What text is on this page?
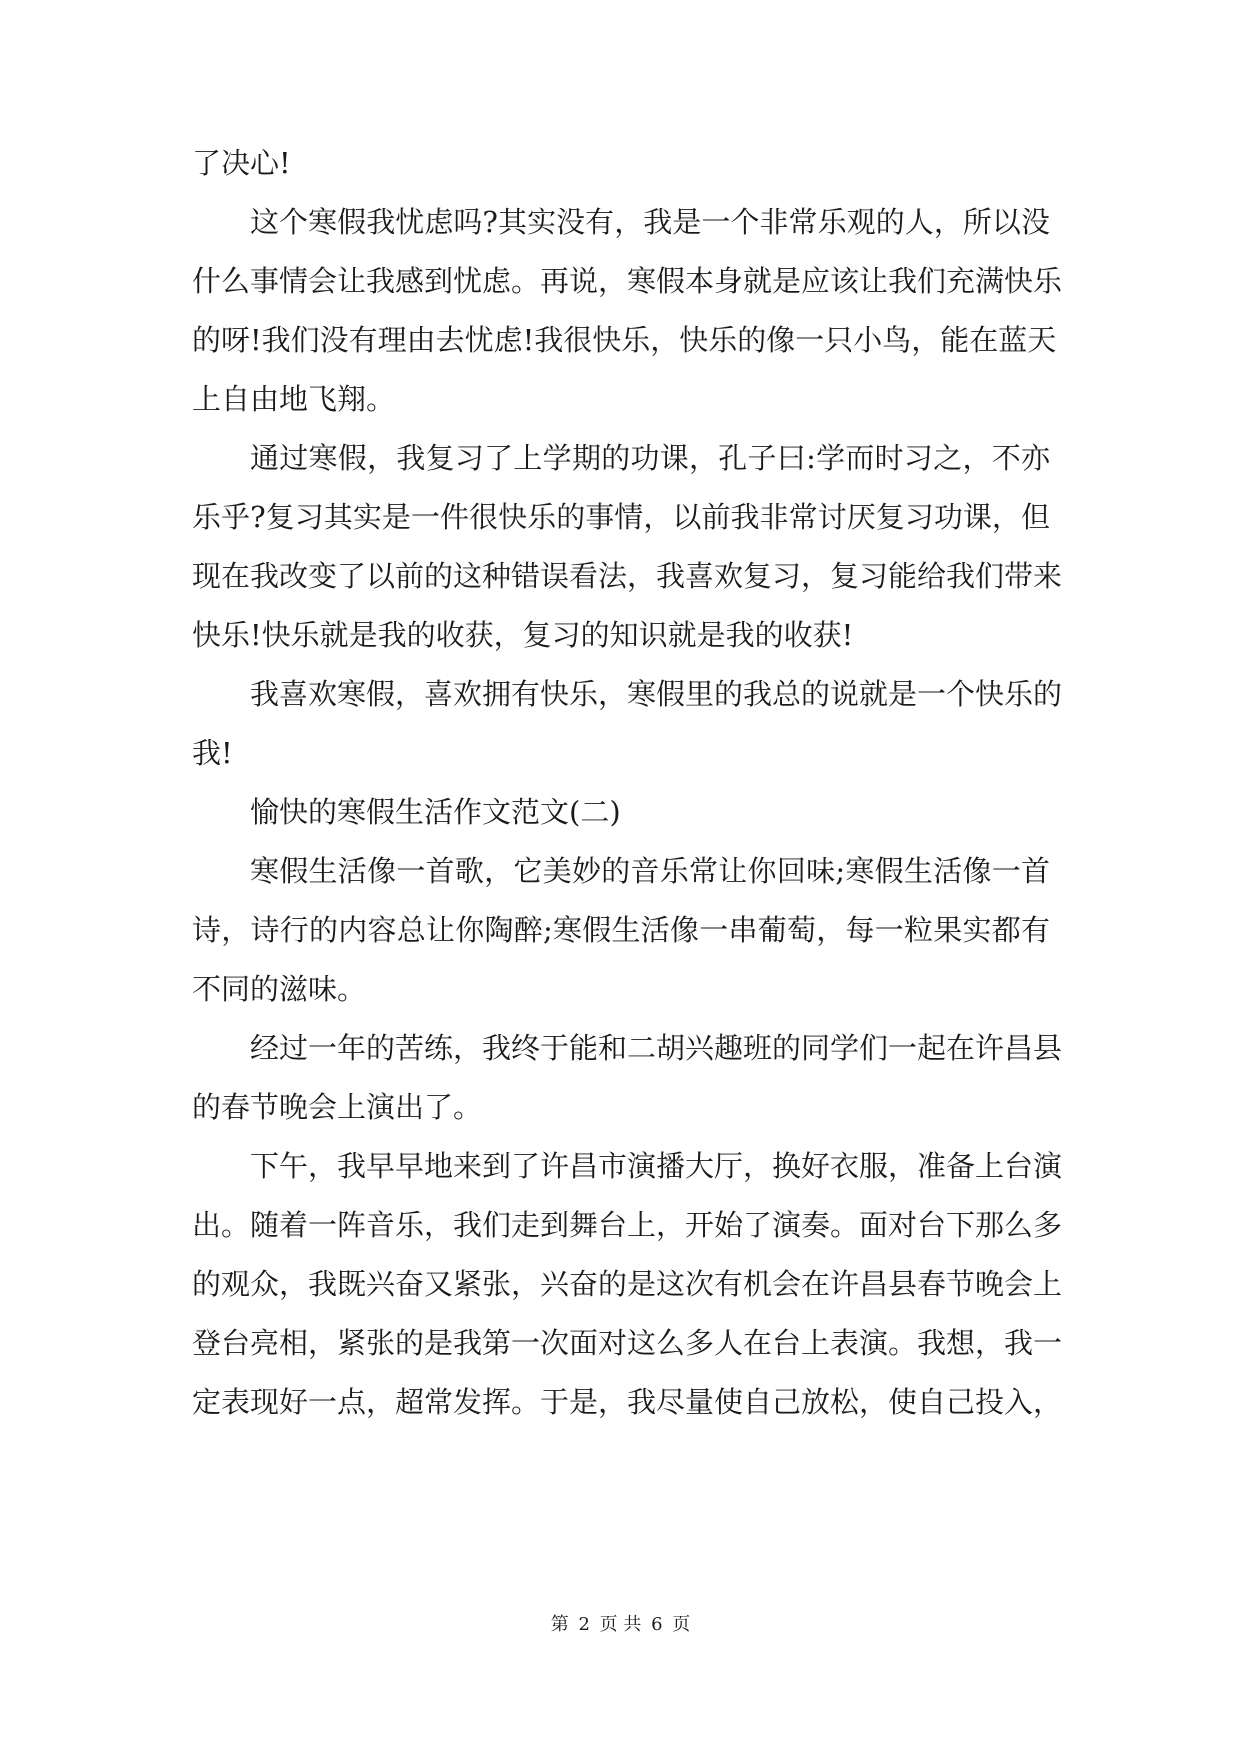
了决心!
这个寒假我忧虑吗?其实没有，我是一个非常乐观的人，所以没
什么事情会让我感到忧虑。再说，寒假本身就是应该让我们充满快乐
的呀!我们没有理由去忧虑!我很快乐，快乐的像一只小鸟，能在蓝天
上自由地飞翔。
通过寒假，我复习了上学期的功课，孔子曰:学而时习之，不亦
乐乎?复习其实是一件很快乐的事情，以前我非常讨厌复习功课，但
现在我改变了以前的这种错误看法，我喜欢复习，复习能给我们带来
快乐!快乐就是我的收获，复习的知识就是我的收获!
我喜欢寒假，喜欢拥有快乐，寒假里的我总的说就是一个快乐的
我!
愉快的寒假生活作文范文(二)
寒假生活像一首歌，它美妙的音乐常让你回味;寒假生活像一首
诗，诗行的内容总让你陶醉;寒假生活像一串葡萄，每一粒果实都有
不同的滋味。
经过一年的苦练，我终于能和二胡兴趣班的同学们一起在许昌县
的春节晚会上演出了。
下午，我早早地来到了许昌市演播大厅，换好衣服，准备上台演
出。随着一阵音乐，我们走到舞台上，开始了演奏。面对台下那么多
的观众，我既兴奋又紧张，兴奋的是这次有机会在许昌县春节晚会上
登台亮相，紧张的是我第一次面对这么多人在台上表演。我想，我一
定表现好一点，超常发挥。于是，我尽量使自己放松，使自己投入，
第 2 页 共 6 页
